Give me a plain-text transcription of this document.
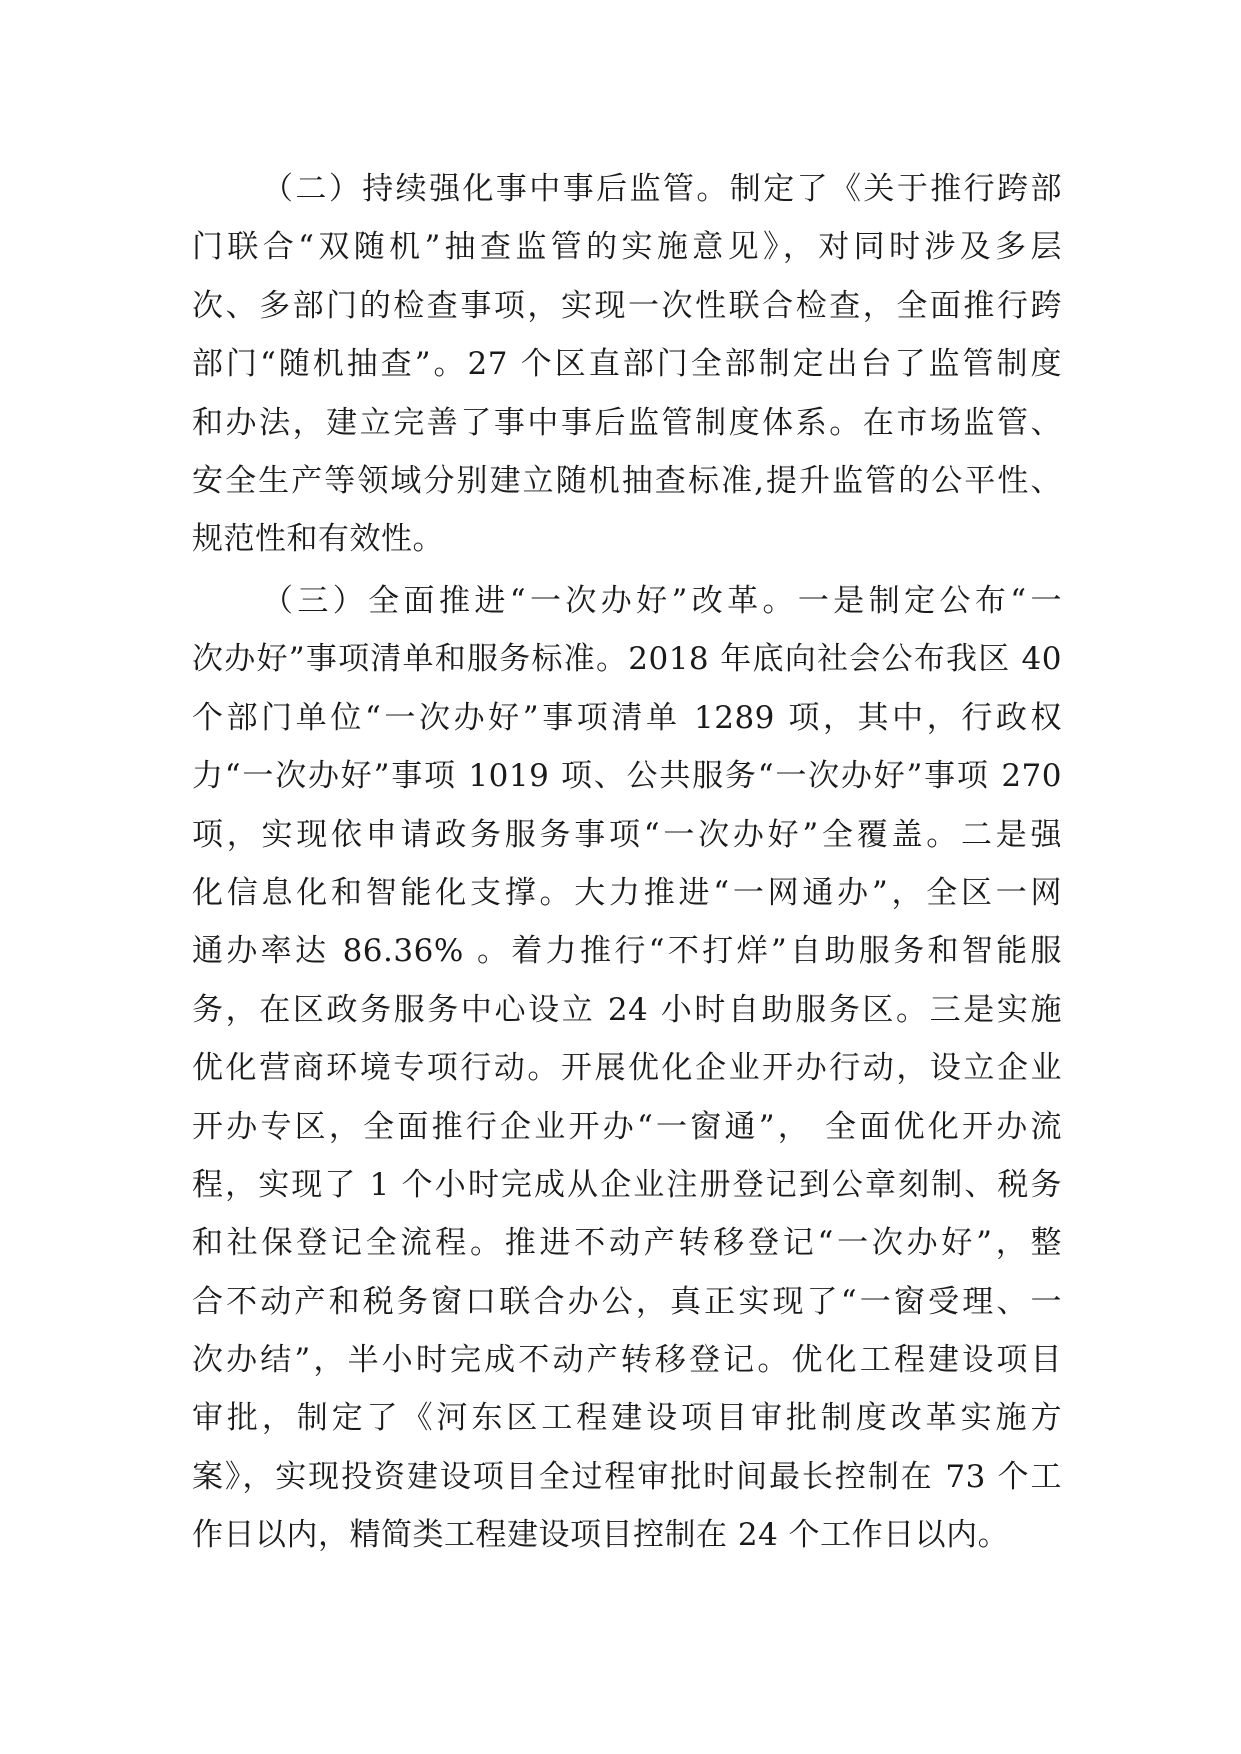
（二）持续强化事中事后监管。制定了《关于推行跨部
门联合“双随机”抽查监管的实施意见》，对同时涉及多层
次、多部门的检查事项，实现一次性联合检查，全面推行跨
部门“随机抽查”。27 个区直部门全部制定出台了监管制度
和办法，建立完善了事中事后监管制度体系。在市场监管、
安全生产等领域分别建立随机抽查标准,提升监管的公平性、
规范性和有效性。
（三）全面推进“一次办好”改革。一是制定公布“一
次办好”事项清单和服务标准。2018 年底向社会公布我区 40
个部门单位“一次办好”事项清单 1289 项，其中，行政权
力“一次办好”事项 1019 项、公共服务“一次办好”事项 270
项，实现依申请政务服务事项“一次办好”全覆盖。二是强
化信息化和智能化支撑。大力推进“一网通办”，全区一网
通办率达 86.36% 。着力推行“不打烊”自助服务和智能服
务，在区政务服务中心设立 24 小时自助服务区。三是实施
优化营商环境专项行动。开展优化企业开办行动，设立企业
开办专区，全面推行企业开办“一窗通”， 全面优化开办流
程，实现了 1 个小时完成从企业注册登记到公章刻制、税务
和社保登记全流程。推进不动产转移登记“一次办好”，整
合不动产和税务窗口联合办公，真正实现了“一窗受理、一
次办结”，半小时完成不动产转移登记。优化工程建设项目
审批，制定了《河东区工程建设项目审批制度改革实施方
案》，实现投资建设项目全过程审批时间最长控制在 73 个工
作日以内，精简类工程建设项目控制在 24 个工作日以内。
